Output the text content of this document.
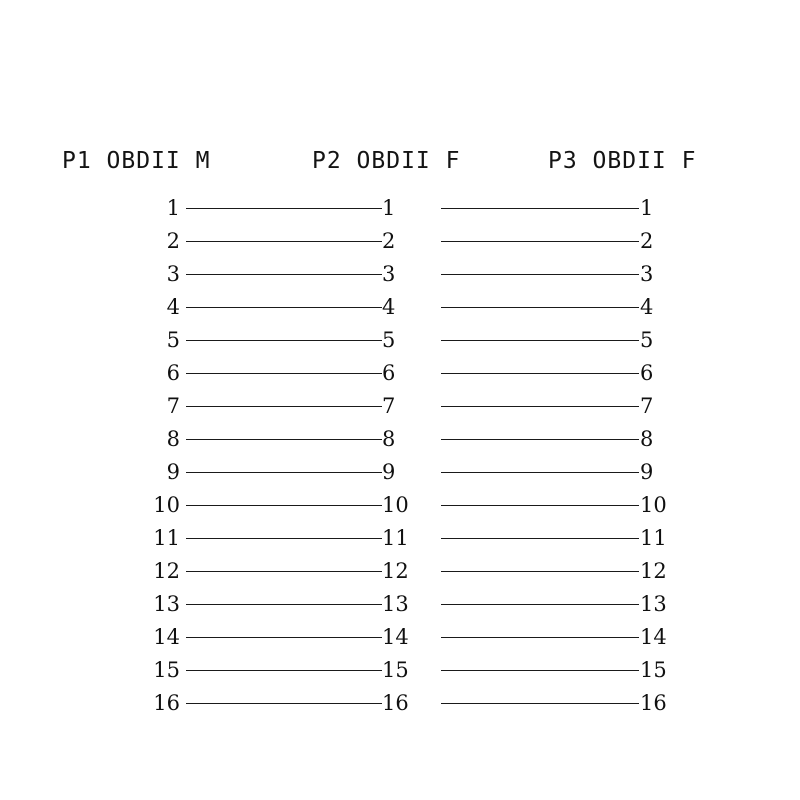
P1 OBDII M	P2 OBDII F	P3 OBDII F
1	1	1
2	2	2
3	3	3
4	4	4
5	5	5
6	6	6
7	7	7
8	8	8
9	9	9
10	10	10
11	11	11
12	12	12
13	13	13
14	14	14
15	15	15
16	16	16
